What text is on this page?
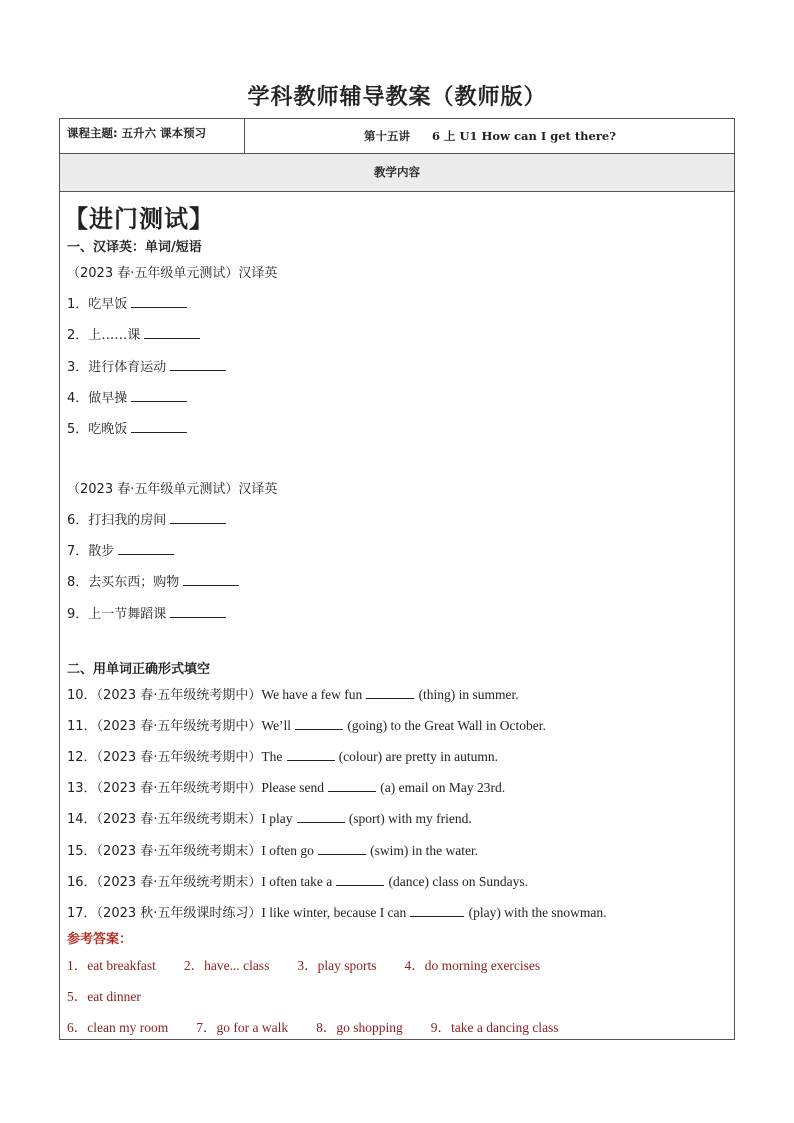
学科教师辅导教案（教师版）
课程主题: 五升六 课本预习	第十五讲 6 上 U1 How can I get there?
教学内容
【进门测试】
一、汉译英：单词/短语
（2023 春·五年级单元测试）汉译英
1．吃早饭
2．上……课
3．进行体育运动
4．做早操
5．吃晚饭
（2023 春·五年级单元测试）汉译英
6．打扫我的房间
7．散步
8．去买东西；购物
9．上一节舞蹈课
二、用单词正确形式填空
10．（2023 春·五年级统考期中）We have a few fun	(thing) in summer.
11．（2023 春·五年级统考期中）We’ll	(going) to the Great Wall in October.
12．（2023 春·五年级统考期中）The	(colour) are pretty in autumn.
13．（2023 春·五年级统考期中）Please send	(a) email on May 23rd.
14．（2023 春·五年级统考期末）I play	(sport) with my friend.
15．（2023 春·五年级统考期末）I often go	(swim) in the water.
16．（2023 春·五年级统考期末）I often take a	(dance) class on Sundays.
17．（2023 秋·五年级课时练习）I like winter, because I can	(play) with the snowman.
参考答案：
1．eat breakfast 2．have... class 3．play sports 4．do morning exercises
5．eat dinner
6．clean my room 7．go for a walk 8．go shopping 9．take a dancing class
